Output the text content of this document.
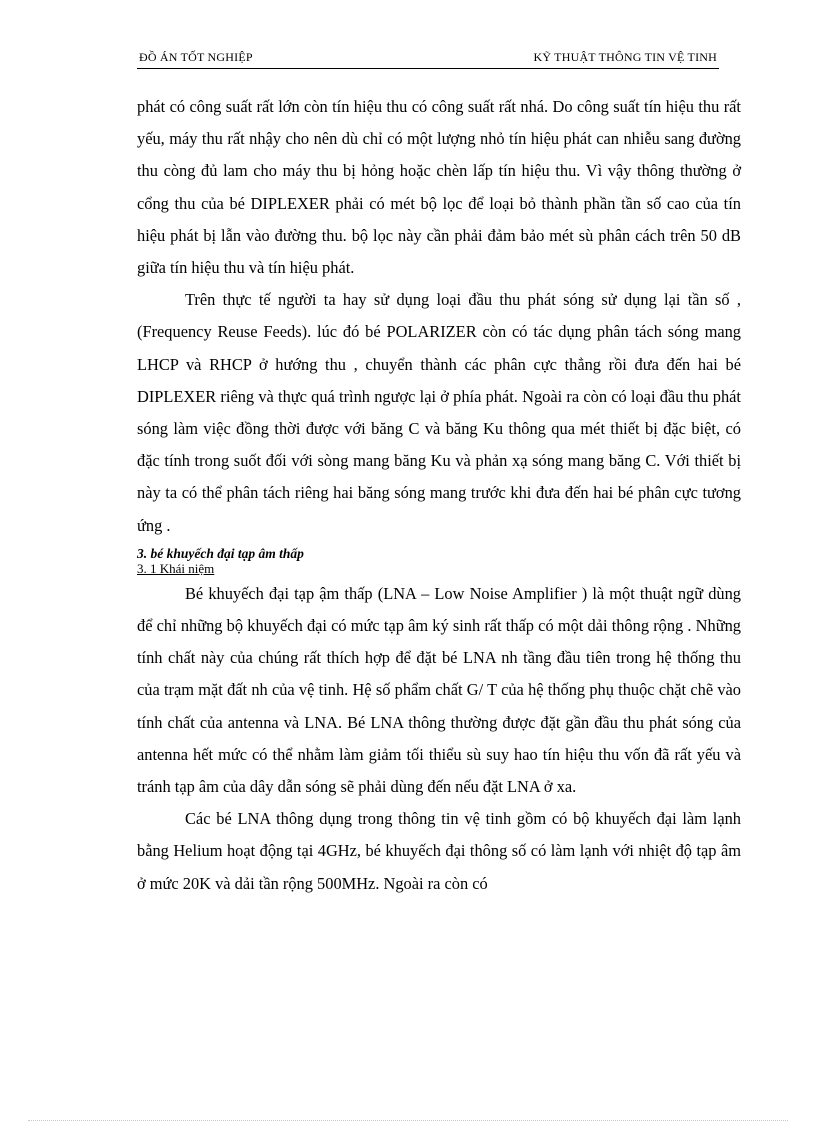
ĐỒ ÁN TỐT NGHIỆP	KỸ THUẬT THÔNG TIN VỆ TINH

phát có công suất rất lớn còn tín hiệu thu có công suất rất nhá. Do công suất tín hiệu thu rất yếu, máy thu rất nhậy cho nên dù chỉ có một lượng nhỏ tín hiệu phát can nhiễu sang đường thu còng đủ lam cho máy thu bị hỏng hoặc chèn lấp tín hiệu thu. Vì vậy thông thường ở cổng thu của bé DIPLEXER phải có mét bộ lọc để loại bỏ thành phần tần số cao của tín hiệu phát bị lẫn vào đường thu. bộ lọc này cần phải đảm bảo mét sù phân cách trên 50 dB giữa tín hiệu thu và tín hiệu phát.

Trên thực tế người ta hay sử dụng loại đầu thu phát sóng sử dụng lại tần số , (Frequency Reuse Feeds). lúc đó bé POLARIZER còn có tác dụng phân tách sóng mang LHCP và RHCP ở hướng thu , chuyển thành các phân cực thẳng rồi đưa đến hai bé DIPLEXER riêng và thực quá trình ngược lại ở phía phát. Ngoài ra còn có loại đầu thu phát sóng làm việc đồng thời được với băng C và băng Ku thông qua mét thiết bị đặc biệt, có đặc tính trong suốt đối với sòng mang băng Ku và phản xạ sóng mang băng C. Với thiết bị này ta có thể phân tách riêng hai băng sóng mang trước khi đưa đến hai bé phân cực tương ứng .

3. bé khuyếch đại tạp âm thấp
3. 1 Khái niệm

Bé khuyếch đại tạp ậm thấp (LNA – Low Noise Amplifier ) là một thuật ngữ dùng để chỉ những bộ khuyếch đại có mức tạp âm ký sinh rất thấp có một dải thông rộng . Những tính chất này của chúng rất thích hợp để đặt bé LNA nh tầng đầu tiên trong hệ thống thu của trạm mặt đất nh của vệ tinh. Hệ số phẩm chất G/ T của hệ thống phụ thuộc chặt chẽ vào tính chất của antenna và LNA. Bé LNA thông thường được đặt gần đầu thu phát sóng của antenna hết mức có thể nhằm làm giảm tối thiểu sù suy hao tín hiệu thu vốn đã rất yếu và tránh tạp âm của dây dẫn sóng sẽ phải dùng đến nếu đặt LNA ở xa.

Các bé LNA thông dụng trong thông tin vệ tinh gồm có bộ khuyếch đại làm lạnh bằng Helium hoạt động tại 4GHz, bé khuyếch đại thông số có làm lạnh với nhiệt độ tạp âm ở mức 20K và dải tần rộng 500MHz. Ngoài ra còn có
